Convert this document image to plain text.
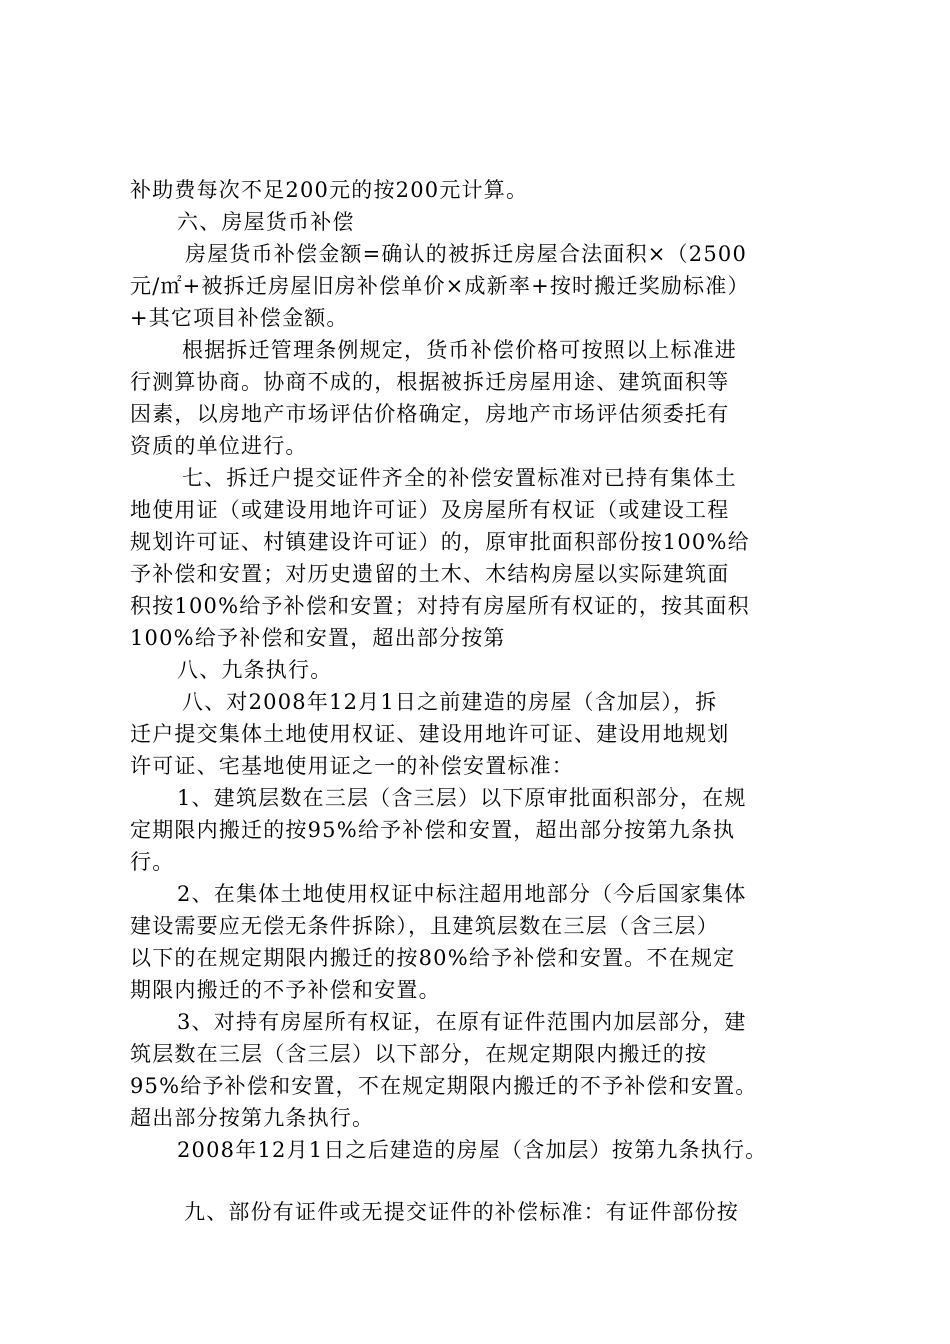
补助费每次不足200元的按200元计算。

六、房屋货币补偿

房屋货币补偿金额=确认的被拆迁房屋合法面积×（2500

元/㎡+被拆迁房屋旧房补偿单价×成新率+按时搬迁奖励标准）

+其它项目补偿金额。

根据拆迁管理条例规定，货币补偿价格可按照以上标准进

行测算协商。协商不成的，根据被拆迁房屋用途、建筑面积等

因素，以房地产市场评估价格确定，房地产市场评估须委托有

资质的单位进行。

七、拆迁户提交证件齐全的补偿安置标准对已持有集体土

地使用证（或建设用地许可证）及房屋所有权证（或建设工程

规划许可证、村镇建设许可证）的，原审批面积部份按100%给

予补偿和安置；对历史遗留的土木、木结构房屋以实际建筑面

积按100%给予补偿和安置；对持有房屋所有权证的，按其面积

100%给予补偿和安置，超出部分按第

八、九条执行。

八、对2008年12月1日之前建造的房屋（含加层），拆

迁户提交集体土地使用权证、建设用地许可证、建设用地规划

许可证、宅基地使用证之一的补偿安置标准：

1、建筑层数在三层（含三层）以下原审批面积部分，在规

定期限内搬迁的按95%给予补偿和安置，超出部分按第九条执

行。

2、在集体土地使用权证中标注超用地部分（今后国家集体

建设需要应无偿无条件拆除），且建筑层数在三层（含三层）

以下的在规定期限内搬迁的按80%给予补偿和安置。不在规定

期限内搬迁的不予补偿和安置。

3、对持有房屋所有权证，在原有证件范围内加层部分，建

筑层数在三层（含三层）以下部分，在规定期限内搬迁的按

95%给予补偿和安置，不在规定期限内搬迁的不予补偿和安置。

超出部分按第九条执行。

2008年12月1日之后建造的房屋（含加层）按第九条执行。

九、部份有证件或无提交证件的补偿标准：有证件部份按
